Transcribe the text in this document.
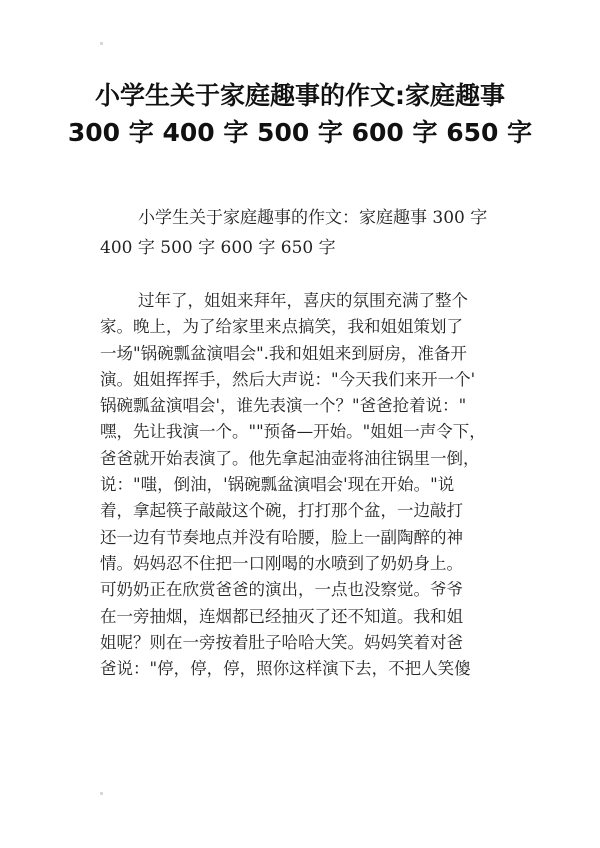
小学生关于家庭趣事的作文:家庭趣事
300 字 400 字 500 字 600 字 650 字

小学生关于家庭趣事的作文：家庭趣事 300 字
400 字 500 字 600 字 650 字

过年了，姐姐来拜年，喜庆的氛围充满了整个
家。晚上，为了给家里来点搞笑，我和姐姐策划了
一场"锅碗瓢盆演唱会".我和姐姐来到厨房，准备开
演。姐姐挥挥手，然后大声说："今天我们来开一个'
锅碗瓢盆演唱会'，谁先表演一个？"爸爸抢着说："
嘿，先让我演一个。""预备—开始。"姐姐一声令下，
爸爸就开始表演了。他先拿起油壶将油往锅里一倒，
说："嗤，倒油，'锅碗瓢盆演唱会'现在开始。"说
着，拿起筷子敲敲这个碗，打打那个盆，一边敲打
还一边有节奏地点并没有哈腰，脸上一副陶醉的神
情。妈妈忍不住把一口刚喝的水喷到了奶奶身上。
可奶奶正在欣赏爸爸的演出，一点也没察觉。爷爷
在一旁抽烟，连烟都已经抽灭了还不知道。我和姐
姐呢？则在一旁按着肚子哈哈大笑。妈妈笑着对爸
爸说："停，停，停，照你这样演下去，不把人笑傻
